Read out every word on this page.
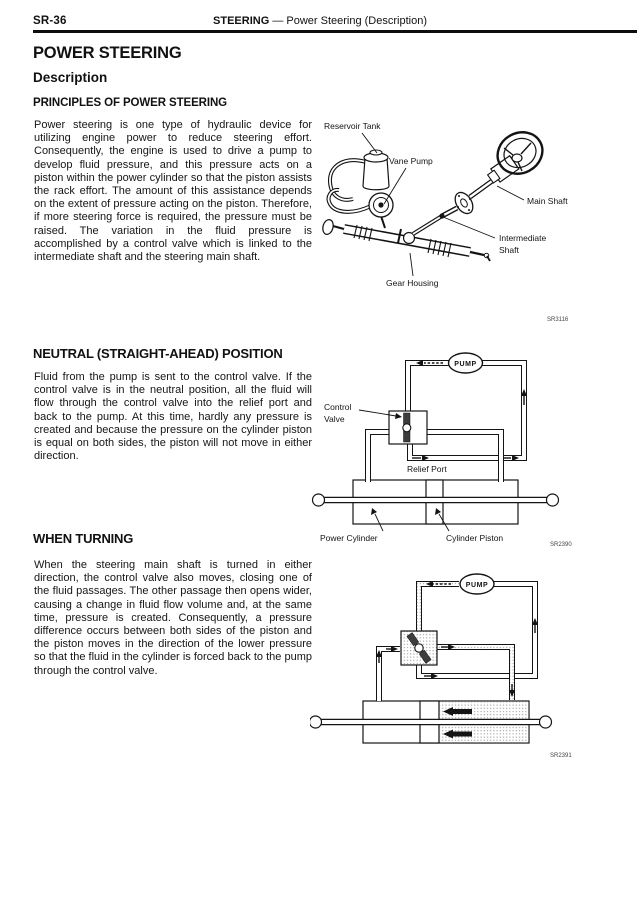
SR-36	STEERING — Power Steering (Description)
POWER STEERING
Description
PRINCIPLES OF POWER STEERING
Power steering is one type of hydraulic device for utilizing engine power to reduce steering effort. Consequently, the engine is used to drive a pump to develop fluid pressure, and this pressure acts on a piston within the power cylinder so that the piston assists the rack effort. The amount of this assistance depends on the extent of pressure acting on the piston. Therefore, if more steering force is required, the pressure must be raised. The variation in the fluid pressure is accomplished by a control valve which is linked to the intermediate shaft and the steering main shaft.
Reservoir Tank
Vane Pump
Main Shaft
Intermediate
Shaft
Gear Housing
SR3116
NEUTRAL (STRAIGHT-AHEAD) POSITION
Fluid from the pump is sent to the control valve. If the control valve is in the neutral position, all the fluid will flow through the control valve into the relief port and back to the pump. At this time, hardly any pressure is created and because the pressure on the cylinder piston is equal on both sides, the piston will not move in either direction.
PUMP
Control
Valve
Relief Port
Power Cylinder	Cylinder Piston
SR2390
WHEN TURNING
When the steering main shaft is turned in either direction, the control valve also moves, closing one of the fluid passages. The other passage then opens wider, causing a change in fluid flow volume and, at the same time, pressure is created. Consequently, a pressure difference occurs between both sides of the piston and the piston moves in the direction of the lower pressure so that the fluid in the cylinder is forced back to the pump through the control valve.
PUMP
SR2391
